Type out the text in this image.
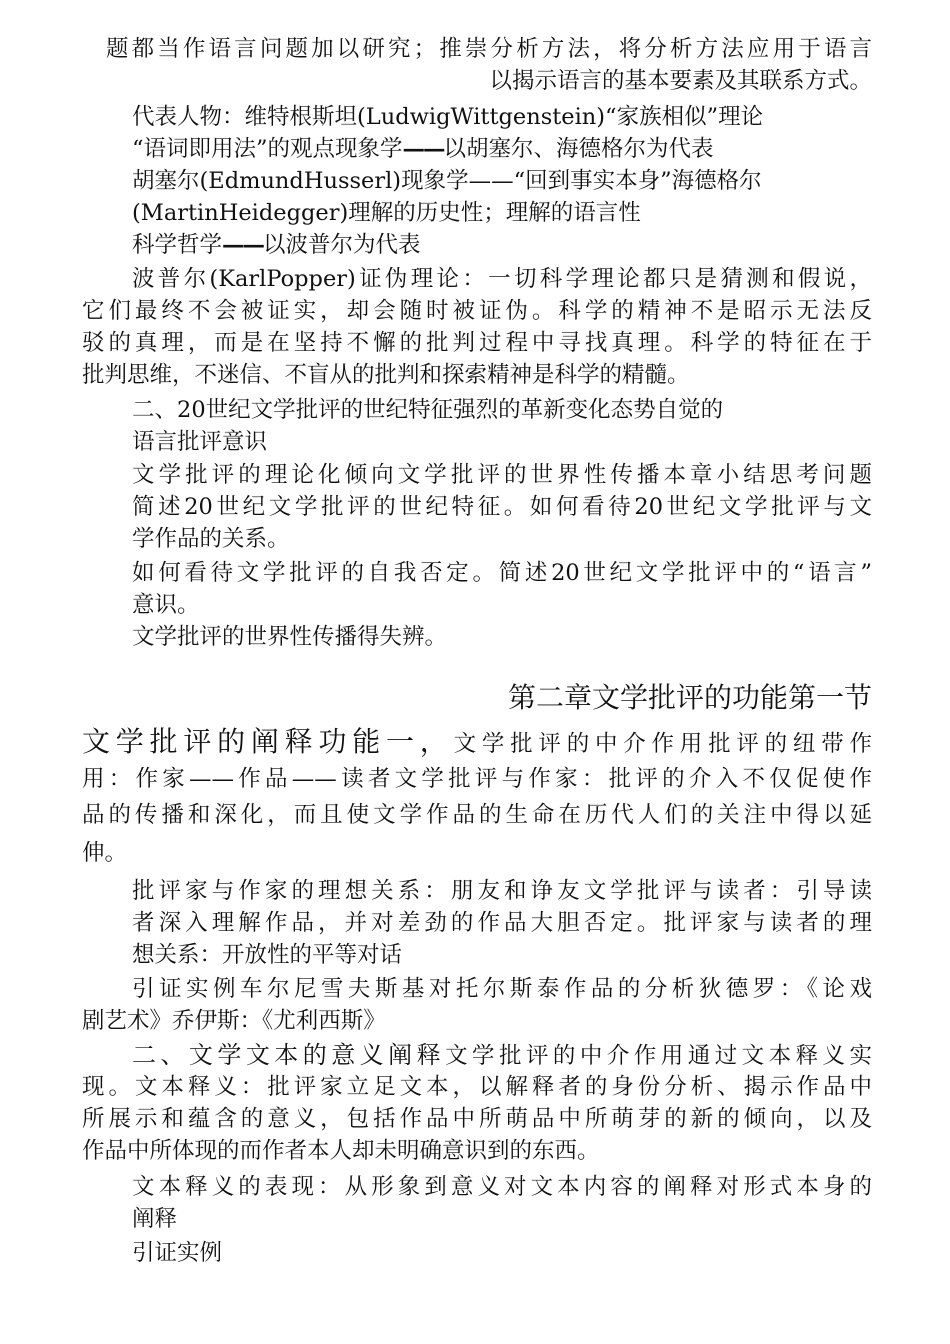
题都当作语言问题加以研究；推崇分析方法，将分析方法应用于语言
以揭示语言的基本要素及其联系方式。
代表人物：维特根斯坦(LudwigWittgenstein)“家族相似”理论
“语词即用法”的观点现象学——以胡塞尔、海德格尔为代表
胡塞尔(EdmundHusserl)现象学——“回到事实本身”海德格尔
(MartinHeidegger)理解的历史性；理解的语言性
科学哲学——以波普尔为代表
波普尔(KarlPopper)证伪理论：一切科学理论都只是猜测和假说，
它们最终不会被证实，却会随时被证伪。科学的精神不是昭示无法反
驳的真理，而是在坚持不懈的批判过程中寻找真理。科学的特征在于
批判思维，不迷信、不盲从的批判和探索精神是科学的精髓。
二、20世纪文学批评的世纪特征强烈的革新变化态势自觉的
语言批评意识
文学批评的理论化倾向文学批评的世界性传播本章小结思考问题
简述20世纪文学批评的世纪特征。如何看待20世纪文学批评与文
学作品的关系。
如何看待文学批评的自我否定。简述20世纪文学批评中的“语言”
意识。
文学批评的世界性传播得失辨。
第二章文学批评的功能第一节
文学批评的阐释功能一，文学批评的中介作用批评的纽带作
用：作家——作品——读者文学批评与作家：批评的介入不仅促使作
品的传播和深化，而且使文学作品的生命在历代人们的关注中得以延
伸。
批评家与作家的理想关系：朋友和诤友文学批评与读者：引导读
者深入理解作品，并对差劲的作品大胆否定。批评家与读者的理
想关系：开放性的平等对话
引证实例车尔尼雪夫斯基对托尔斯泰作品的分析狄德罗：《论戏
剧艺术》乔伊斯：《尤利西斯》
二、文学文本的意义阐释文学批评的中介作用通过文本释义实
现。文本释义：批评家立足文本，以解释者的身份分析、揭示作品中
所展示和蕴含的意义，包括作品中所萌品中所萌芽的新的倾向，以及
作品中所体现的而作者本人却未明确意识到的东西。
文本释义的表现：从形象到意义对文本内容的阐释对形式本身的
阐释
引证实例
